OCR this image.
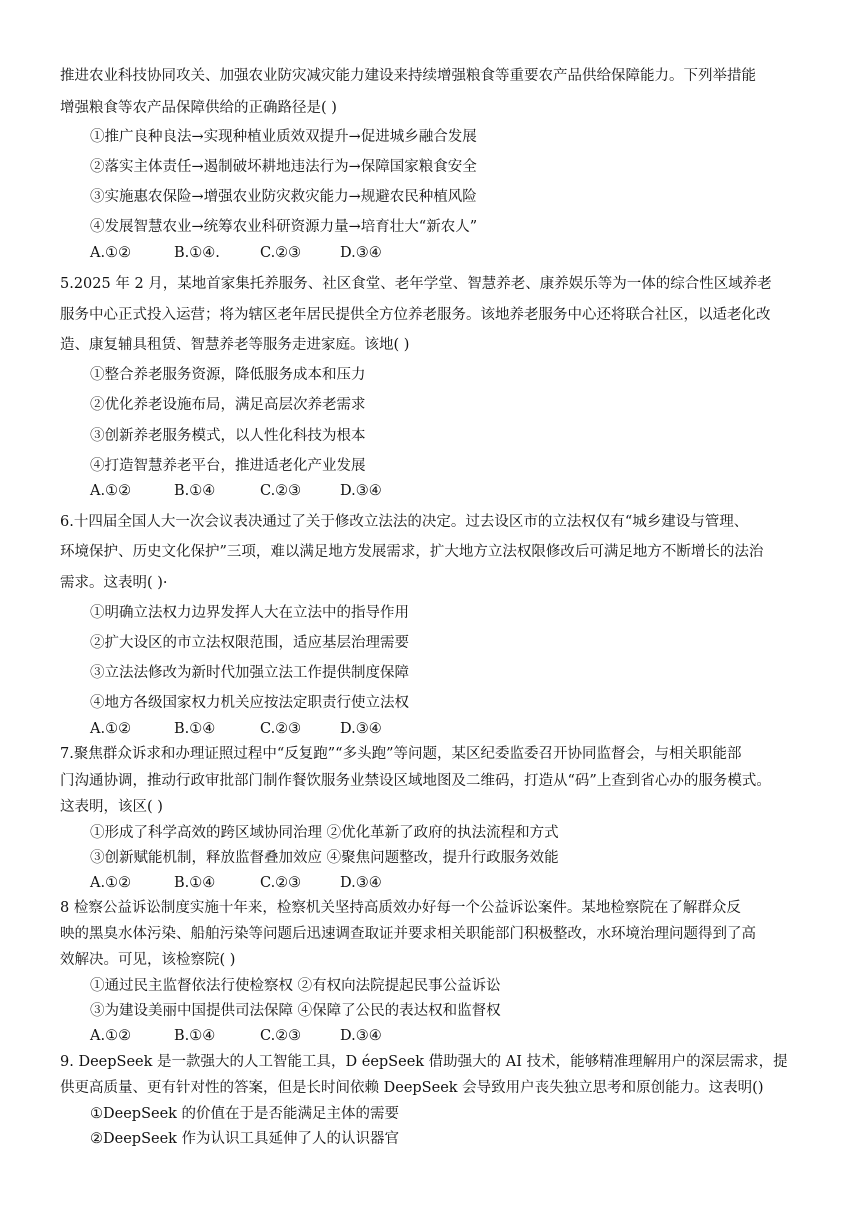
推进农业科技协同攻关、加强农业防灾减灾能力建设来持续增强粮食等重要农产品供给保障能力。下列举措能
增强粮食等农产品保障供给的正确路径是( )
①推广良种良法→实现种植业质效双提升→促进城乡融合发展
②落实主体责任→遏制破坏耕地违法行为→保障国家粮食安全
③实施惠农保险→增强农业防灾救灾能力→规避农民种植风险
④发展智慧农业→统筹农业科研资源力量→培育壮大“新农人”
A.①②	B.①④.	C.②③	D.③④
5.2025 年 2 月，某地首家集托养服务、社区食堂、老年学堂、智慧养老、康养娱乐等为一体的综合性区域养老
服务中心正式投入运营；将为辖区老年居民提供全方位养老服务。该地养老服务中心还将联合社区，以适老化改
造、康复辅具租赁、智慧养老等服务走进家庭。该地( )
①整合养老服务资源，降低服务成本和压力
②优化养老设施布局，满足高层次养老需求
③创新养老服务模式，以人性化科技为根本
④打造智慧养老平台，推进适老化产业发展
A.①②	B.①④	C.②③	D.③④
6.十四届全国人大一次会议表决通过了关于修改立法法的决定。过去设区市的立法权仅有“城乡建设与管理、
环境保护、历史文化保护”三项，难以满足地方发展需求，扩大地方立法权限修改后可满足地方不断增长的法治
需求。这表明( )·
①明确立法权力边界发挥人大在立法中的指导作用
②扩大设区的市立法权限范围，适应基层治理需要
③立法法修改为新时代加强立法工作提供制度保障
④地方各级国家权力机关应按法定职责行使立法权
A.①②	B.①④	C.②③	D.③④
7.聚焦群众诉求和办理证照过程中“反复跑”“多头跑”等问题，某区纪委监委召开协同监督会，与相关职能部
门沟通协调，推动行政审批部门制作餐饮服务业禁设区域地图及二维码，打造从“码”上查到省心办的服务模式。
这表明，该区( )
①形成了科学高效的跨区域协同治理 ②优化革新了政府的执法流程和方式
③创新赋能机制，释放监督叠加效应 ④聚焦问题整改，提升行政服务效能
A.①②	B.①④	C.②③	D.③④
8 检察公益诉讼制度实施十年来，检察机关坚持高质效办好每一个公益诉讼案件。某地检察院在了解群众反
映的黑臭水体污染、船舶污染等问题后迅速调查取证并要求相关职能部门积极整改，水环境治理问题得到了高
效解决。可见，该检察院( )
①通过民主监督依法行使检察权 ②有权向法院提起民事公益诉讼
③为建设美丽中国提供司法保障 ④保障了公民的表达权和监督权
A.①②	B.①④	C.②③	D.③④
9. DeepSeek 是一款强大的人工智能工具，D éepSeek 借助强大的 AI 技术，能够精准理解用户的深层需求，提
供更高质量、更有针对性的答案，但是长时间依赖 DeepSeek 会导致用户丧失独立思考和原创能力。这表明()
①DeepSeek 的价值在于是否能满足主体的需要
②DeepSeek 作为认识工具延伸了人的认识器官
